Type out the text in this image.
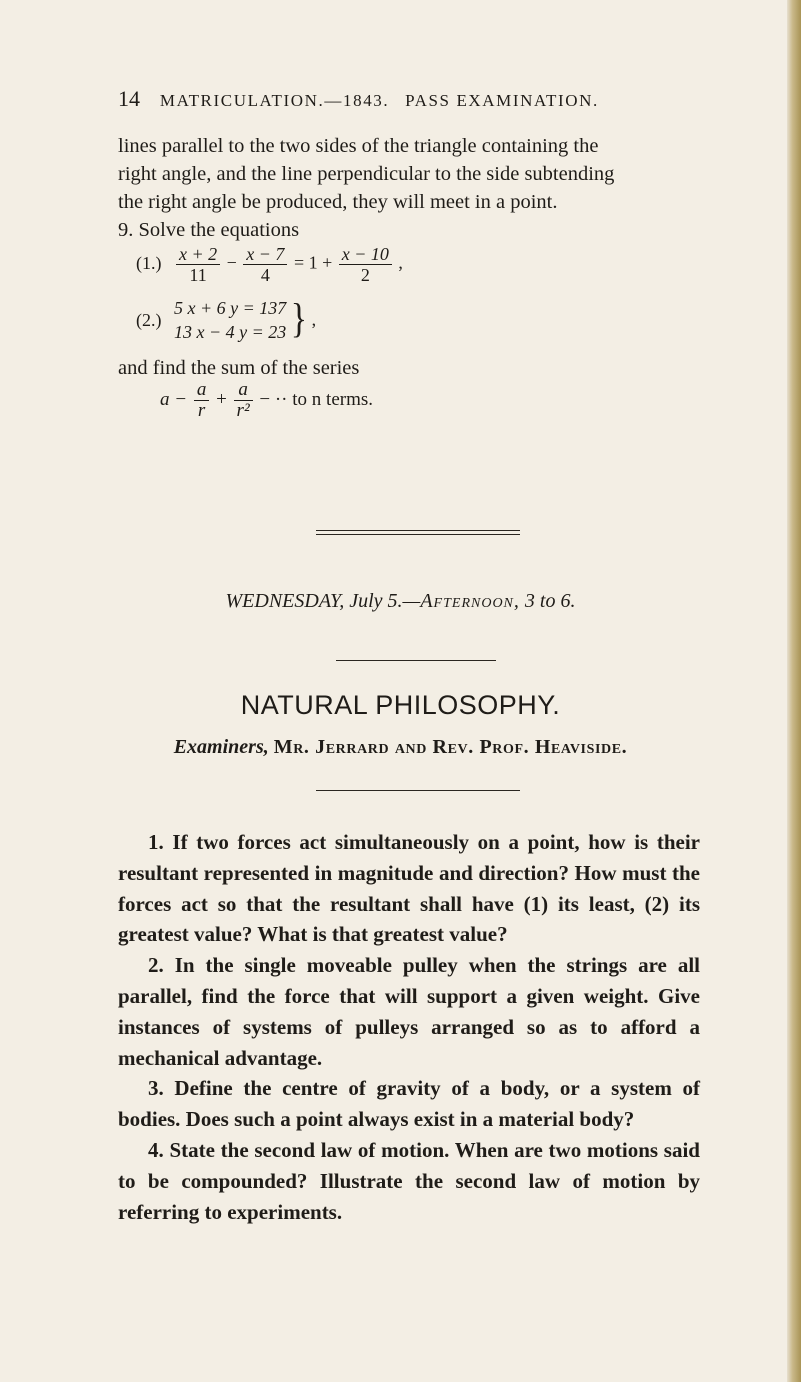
14 MATRICULATION.—1843. PASS EXAMINATION.
lines parallel to the two sides of the triangle containing the
right angle, and the line perpendicular to the side subtending
the right angle be produced, they will meet in a point.
9. Solve the equations
$(1.) \frac{x + 2}{11} - \frac{x - 7}{4} = 1 + \frac{x - 10}{2}$ ,
(2.)
5 x + 6 y = 137
13 x − 4 y = 23 } ,
and find the sum of the series
$a - \frac{a}{r} + \frac{a}{\text{r²}}$ − ·· to n terms.
WEDNESDAY, July 5.—Afternoon, 3 to 6.
NATURAL PHILOSOPHY.
Examiners, Mr. Jerrard and Rev. Prof. Heaviside.

1. If two forces act simultaneously on a point, how is their resultant represented in magnitude and direction? How must the forces act so that the resultant shall have (1) its least, (2) its greatest value? What is that greatest value?

2. In the single moveable pulley when the strings are all parallel, find the force that will support a given weight. Give instances of systems of pulleys arranged so as to afford a mechanical advantage.

3. Define the centre of gravity of a body, or a system of bodies. Does such a point always exist in a material body?

4. State the second law of motion. When are two motions said to be compounded? Illustrate the second law of motion by referring to experiments.
